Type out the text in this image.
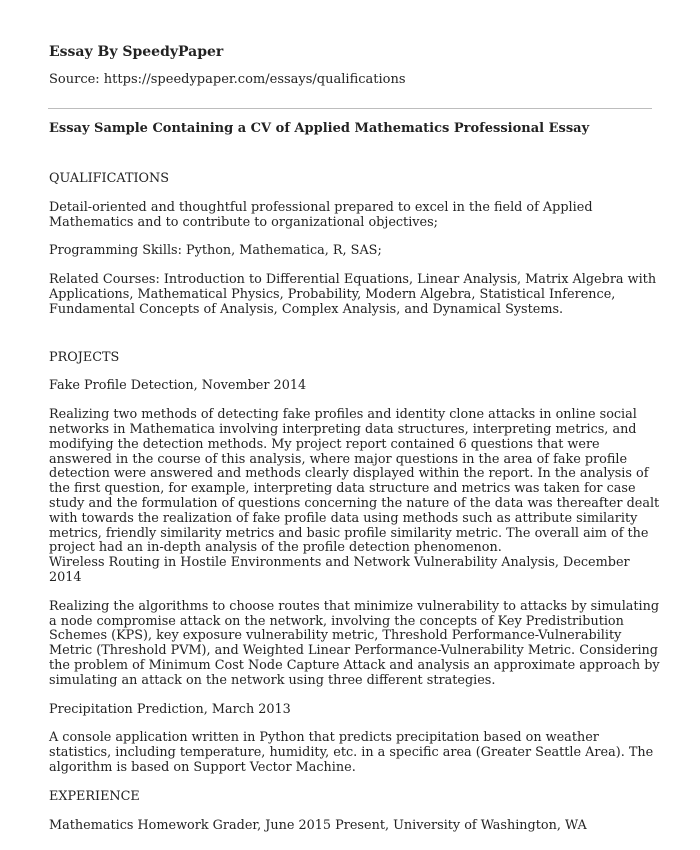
Essay By SpeedyPaper

Source: https://speedypaper.com/essays/qualifications

Essay Sample Containing a CV of Applied Mathematics Professional Essay

QUALIFICATIONS

Detail-oriented and thoughtful professional prepared to excel in the field of Applied Mathematics and to contribute to organizational objectives;

Programming Skills: Python, Mathematica, R, SAS;

Related Courses: Introduction to Differential Equations, Linear Analysis, Matrix Algebra with Applications, Mathematical Physics, Probability, Modern Algebra, Statistical Inference, Fundamental Concepts of Analysis, Complex Analysis, and Dynamical Systems.

PROJECTS

Fake Profile Detection, November 2014

Realizing two methods of detecting fake profiles and identity clone attacks in online social networks in Mathematica involving interpreting data structures, interpreting metrics, and modifying the detection methods. My project report contained 6 questions that were answered in the course of this analysis, where major questions in the area of fake profile detection were answered and methods clearly displayed within the report. In the analysis of the first question, for example, interpreting data structure and metrics was taken for case study and the formulation of questions concerning the nature of the data was thereafter dealt with towards the realization of fake profile data using methods such as attribute similarity metrics, friendly similarity metrics and basic profile similarity metric. The overall aim of the project had an in-depth analysis of the profile detection phenomenon.
Wireless Routing in Hostile Environments and Network Vulnerability Analysis, December 2014

Realizing the algorithms to choose routes that minimize vulnerability to attacks by simulating a node compromise attack on the network, involving the concepts of Key Predistribution Schemes (KPS), key exposure vulnerability metric, Threshold Performance-Vulnerability Metric (Threshold PVM), and Weighted Linear Performance-Vulnerability Metric. Considering the problem of Minimum Cost Node Capture Attack and analysis an approximate approach by simulating an attack on the network using three different strategies.

Precipitation Prediction, March 2013

A console application written in Python that predicts precipitation based on weather statistics, including temperature, humidity, etc. in a specific area (Greater Seattle Area). The algorithm is based on Support Vector Machine.

EXPERIENCE

Mathematics Homework Grader, June 2015 Present, University of Washington, WA
